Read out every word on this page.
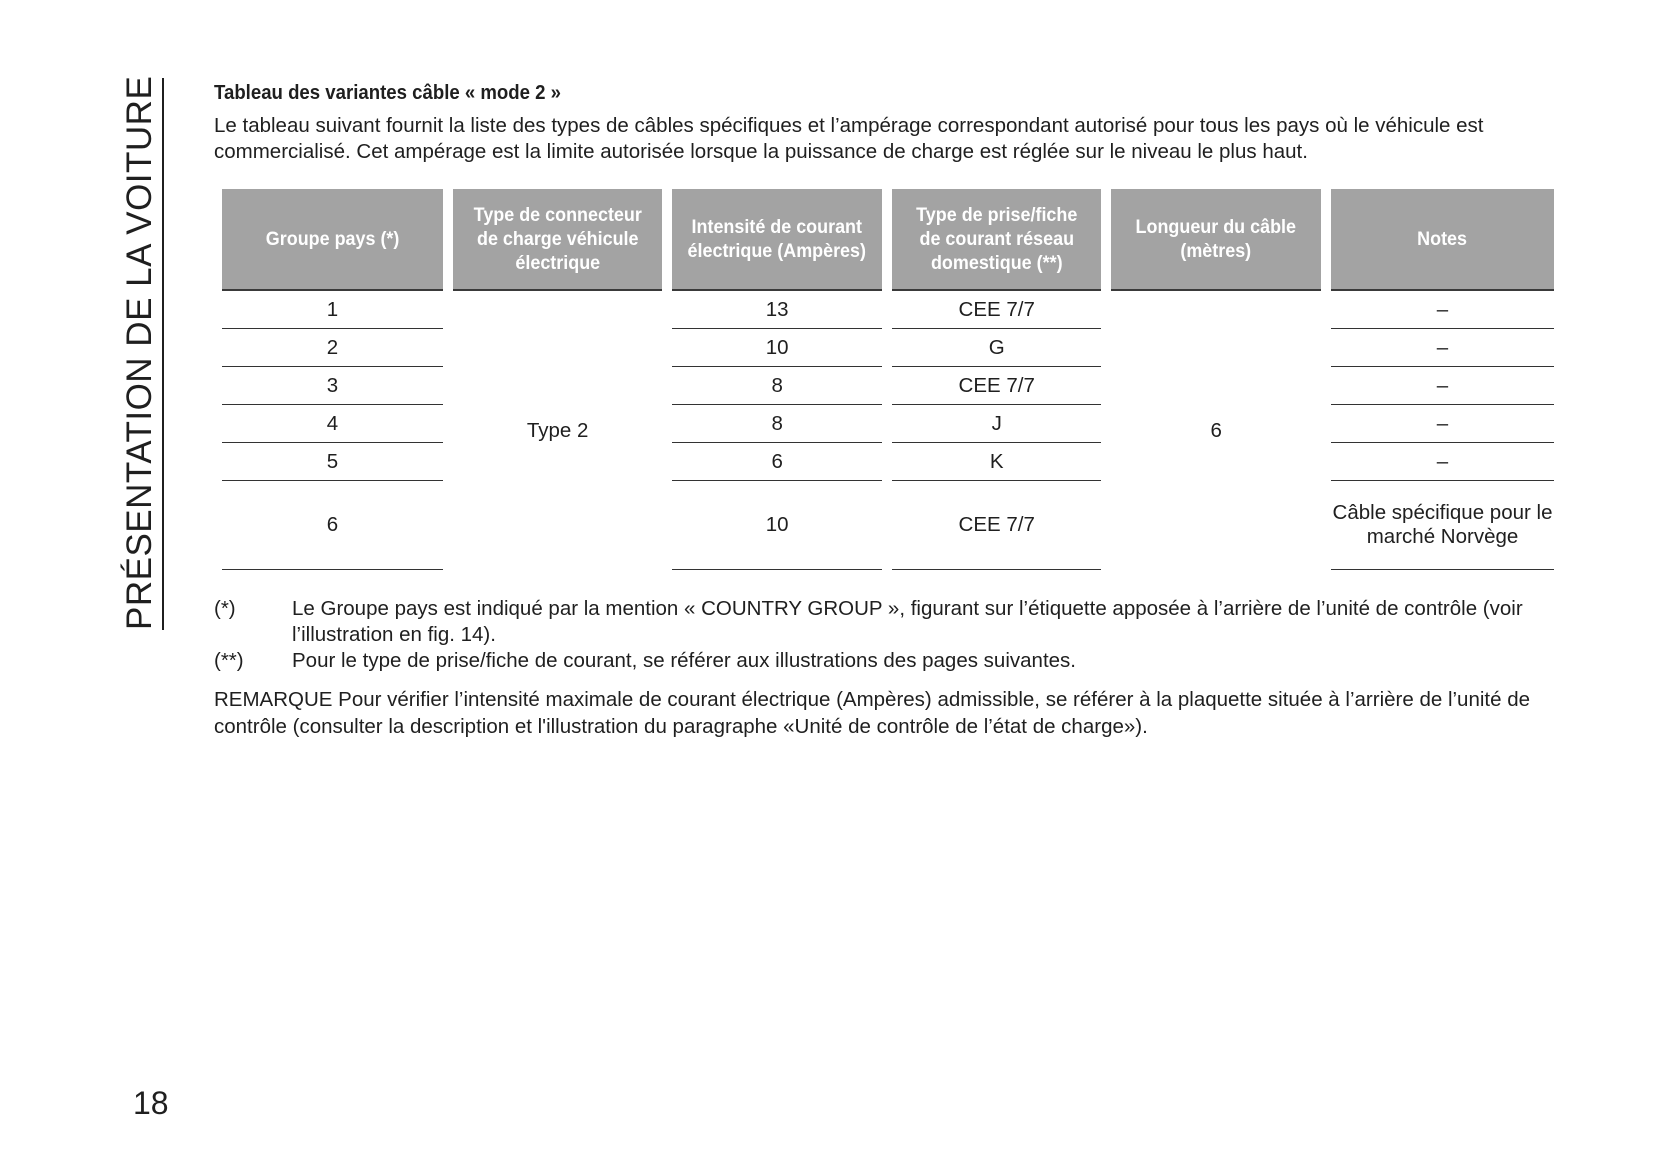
PRÉSENTATION DE LA VOITURE	Tableau des variantes câble « mode 2 »
Le tableau suivant fournit la liste des types de câbles spécifiques et l’ampérage correspondant autorisé pour tous les pays où le véhicule est commercialisé. Cet ampérage est la limite autorisée lorsque la puissance de charge est réglée sur le niveau le plus haut.
Groupe pays (*)	Type de connecteur de charge véhicule électrique	Intensité de courant électrique (Ampères)	Type de prise/fiche de courant réseau domestique (**)	Longueur du câble (mètres)	Notes
1	Type 2	13	CEE 7/7	6	–
2		10	G		–
3		8	CEE 7/7		–
4		8	J		–
5		6	K		–
6		10	CEE 7/7		Câble spécifique pour le marché Norvège
(*)	Le Groupe pays est indiqué par la mention « COUNTRY GROUP », figurant sur l’étiquette apposée à l’arrière de l’unité de contrôle (voir l’illustration en fig. 14).
(**)	Pour le type de prise/fiche de courant, se référer aux illustrations des pages suivantes.
REMARQUE Pour vérifier l’intensité maximale de courant électrique (Ampères) admissible, se référer à la plaquette située à l’arrière de l’unité de contrôle (consulter la description et l'illustration du paragraphe «Unité de contrôle de l’état de charge»).
18
